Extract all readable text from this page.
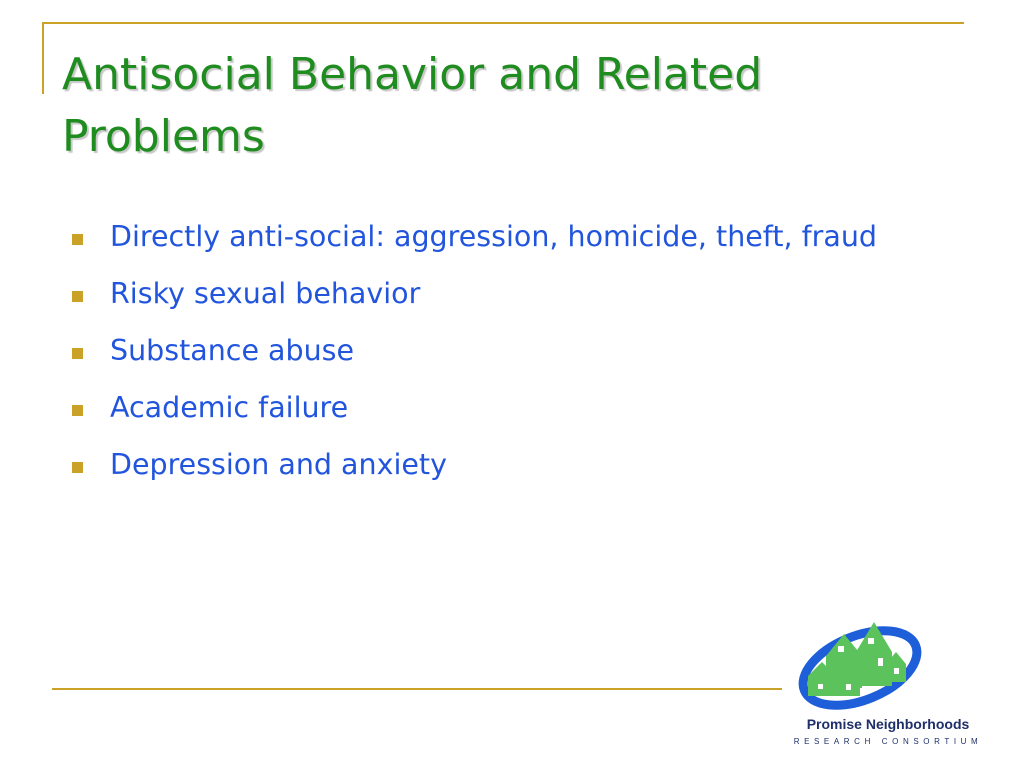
Antisocial Behavior and Related Problems
Directly anti-social: aggression, homicide, theft, fraud
Risky sexual behavior
Substance abuse
Academic failure
Depression and anxiety
Promise Neighborhoods
RESEARCH CONSORTIUM
